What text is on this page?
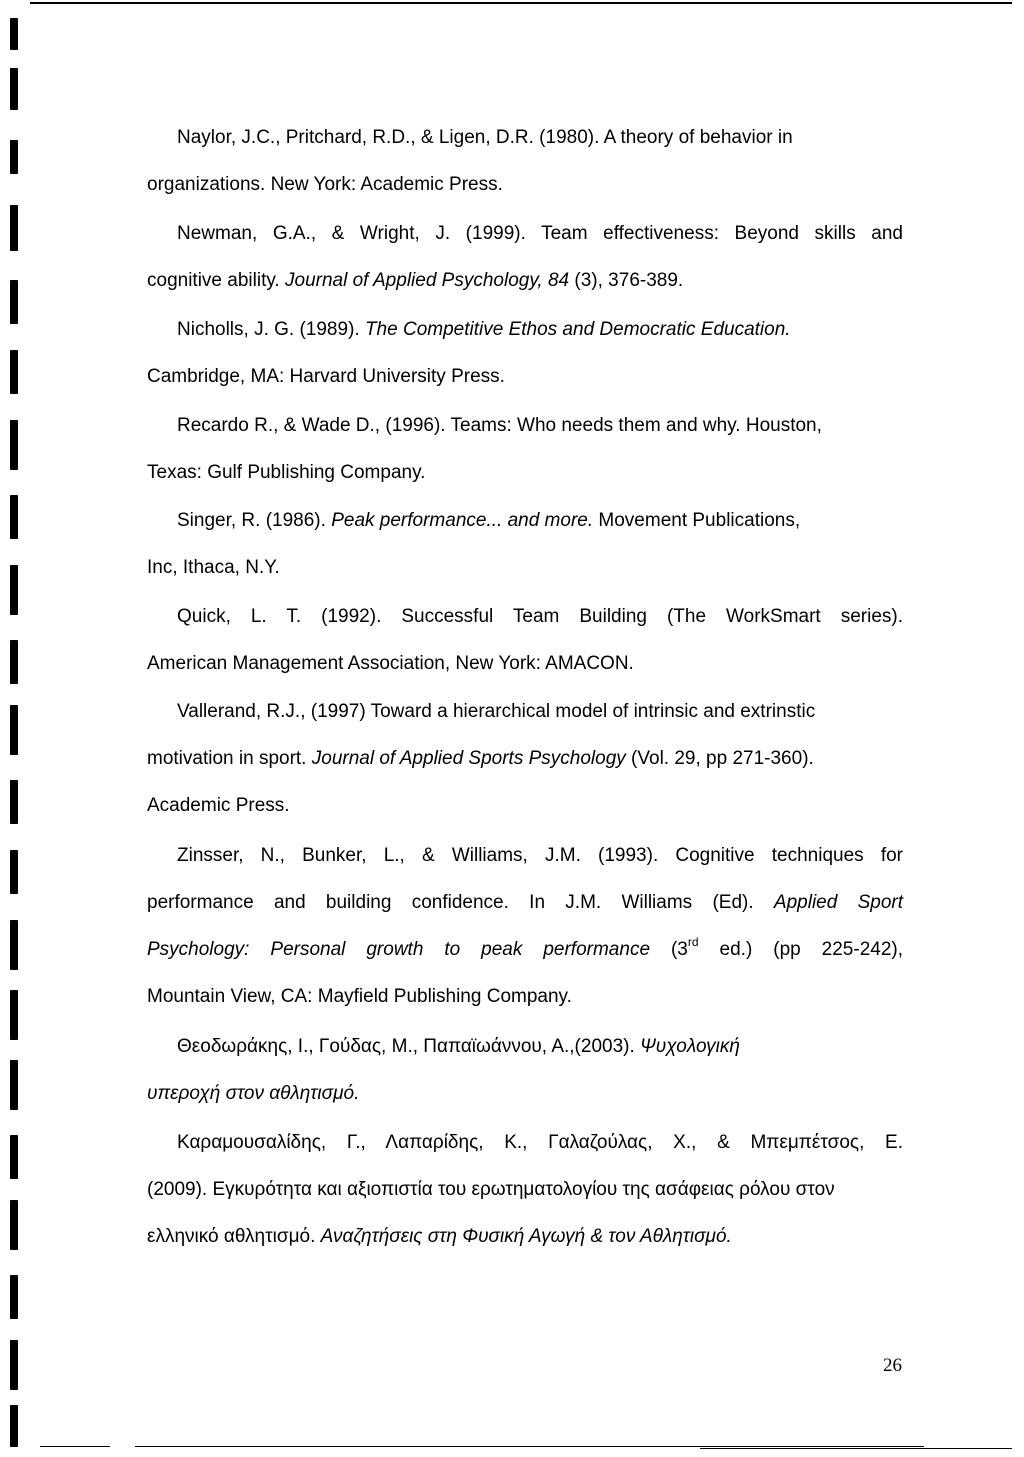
Naylor, J.C., Pritchard, R.D., & Ligen, D.R. (1980). A theory of behavior in
organizations. New York: Academic Press.
Newman, G.A., & Wright, J. (1999). Team effectiveness: Beyond skills and
cognitive ability. Journal of Applied Psychology, 84 (3), 376-389.
Nicholls, J. G. (1989). The Competitive Ethos and Democratic Education.
Cambridge, MA: Harvard University Press.
Recardo R., & Wade D., (1996). Teams: Who needs them and why. Houston,
Texas: Gulf Publishing Company.
Singer, R. (1986). Peak performance... and more. Movement Publications,
Inc, Ithaca, N.Y.
Quick, L. T. (1992). Successful Team Building (The WorkSmart series).
American Management Association, New York: AMACON.
Vallerand, R.J., (1997) Toward a hierarchical model of intrinsic and extrinstic
motivation in sport. Journal of Applied Sports Psychology (Vol. 29, pp 271-360).
Academic Press.
Zinsser, N., Bunker, L., & Williams, J.M. (1993). Cognitive techniques for
performance and building confidence. In J.M. Williams (Ed). Applied Sport
Psychology: Personal growth to peak performance (3rd ed.) (pp 225-242),
Mountain View, CA: Mayfield Publishing Company.
Θεοδωράκης, Ι., Γούδας, Μ., Παπαϊωάννου, Α.,(2003). Ψυχολογική
υπεροχή στον αθλητισμό.
Καραμουσαλίδης, Γ., Λαπαρίδης, Κ., Γαλαζούλας, Χ., & Μπεμπέτσος, Ε.
(2009). Εγκυρότητα και αξιοπιστία του ερωτηματολογίου της ασάφειας ρόλου στον
ελληνικό αθλητισμό. Αναζητήσεις στη Φυσική Αγωγή & τον Αθλητισμό.
26
